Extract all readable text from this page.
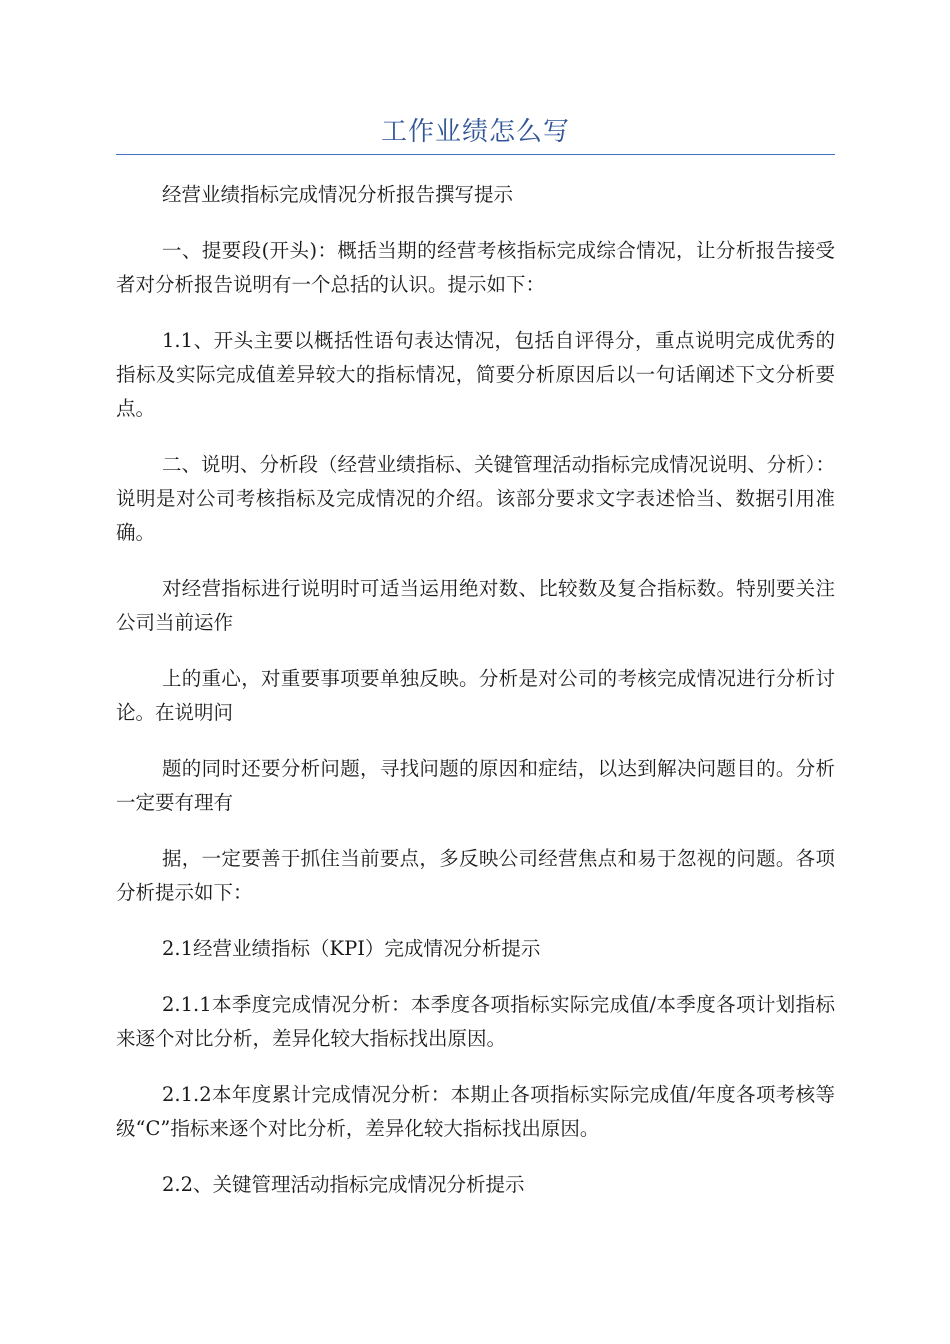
工作业绩怎么写

经营业绩指标完成情况分析报告撰写提示

一、提要段(开头)：概括当期的经营考核指标完成综合情况，让分析报告接受者对分析报告说明有一个总括的认识。提示如下：

1.1、开头主要以概括性语句表达情况，包括自评得分，重点说明完成优秀的指标及实际完成值差异较大的指标情况，简要分析原因后以一句话阐述下文分析要点。

二、说明、分析段（经营业绩指标、关键管理活动指标完成情况说明、分析）：说明是对公司考核指标及完成情况的介绍。该部分要求文字表述恰当、数据引用准确。

对经营指标进行说明时可适当运用绝对数、比较数及复合指标数。特别要关注公司当前运作

上的重心，对重要事项要单独反映。分析是对公司的考核完成情况进行分析讨论。在说明问

题的同时还要分析问题，寻找问题的原因和症结，以达到解决问题目的。分析一定要有理有

据，一定要善于抓住当前要点，多反映公司经营焦点和易于忽视的问题。各项分析提示如下：

2.1经营业绩指标（KPI）完成情况分析提示

2.1.1本季度完成情况分析：本季度各项指标实际完成值/本季度各项计划指标来逐个对比分析，差异化较大指标找出原因。

2.1.2本年度累计完成情况分析：本期止各项指标实际完成值/年度各项考核等级“C”指标来逐个对比分析，差异化较大指标找出原因。

2.2、关键管理活动指标完成情况分析提示
